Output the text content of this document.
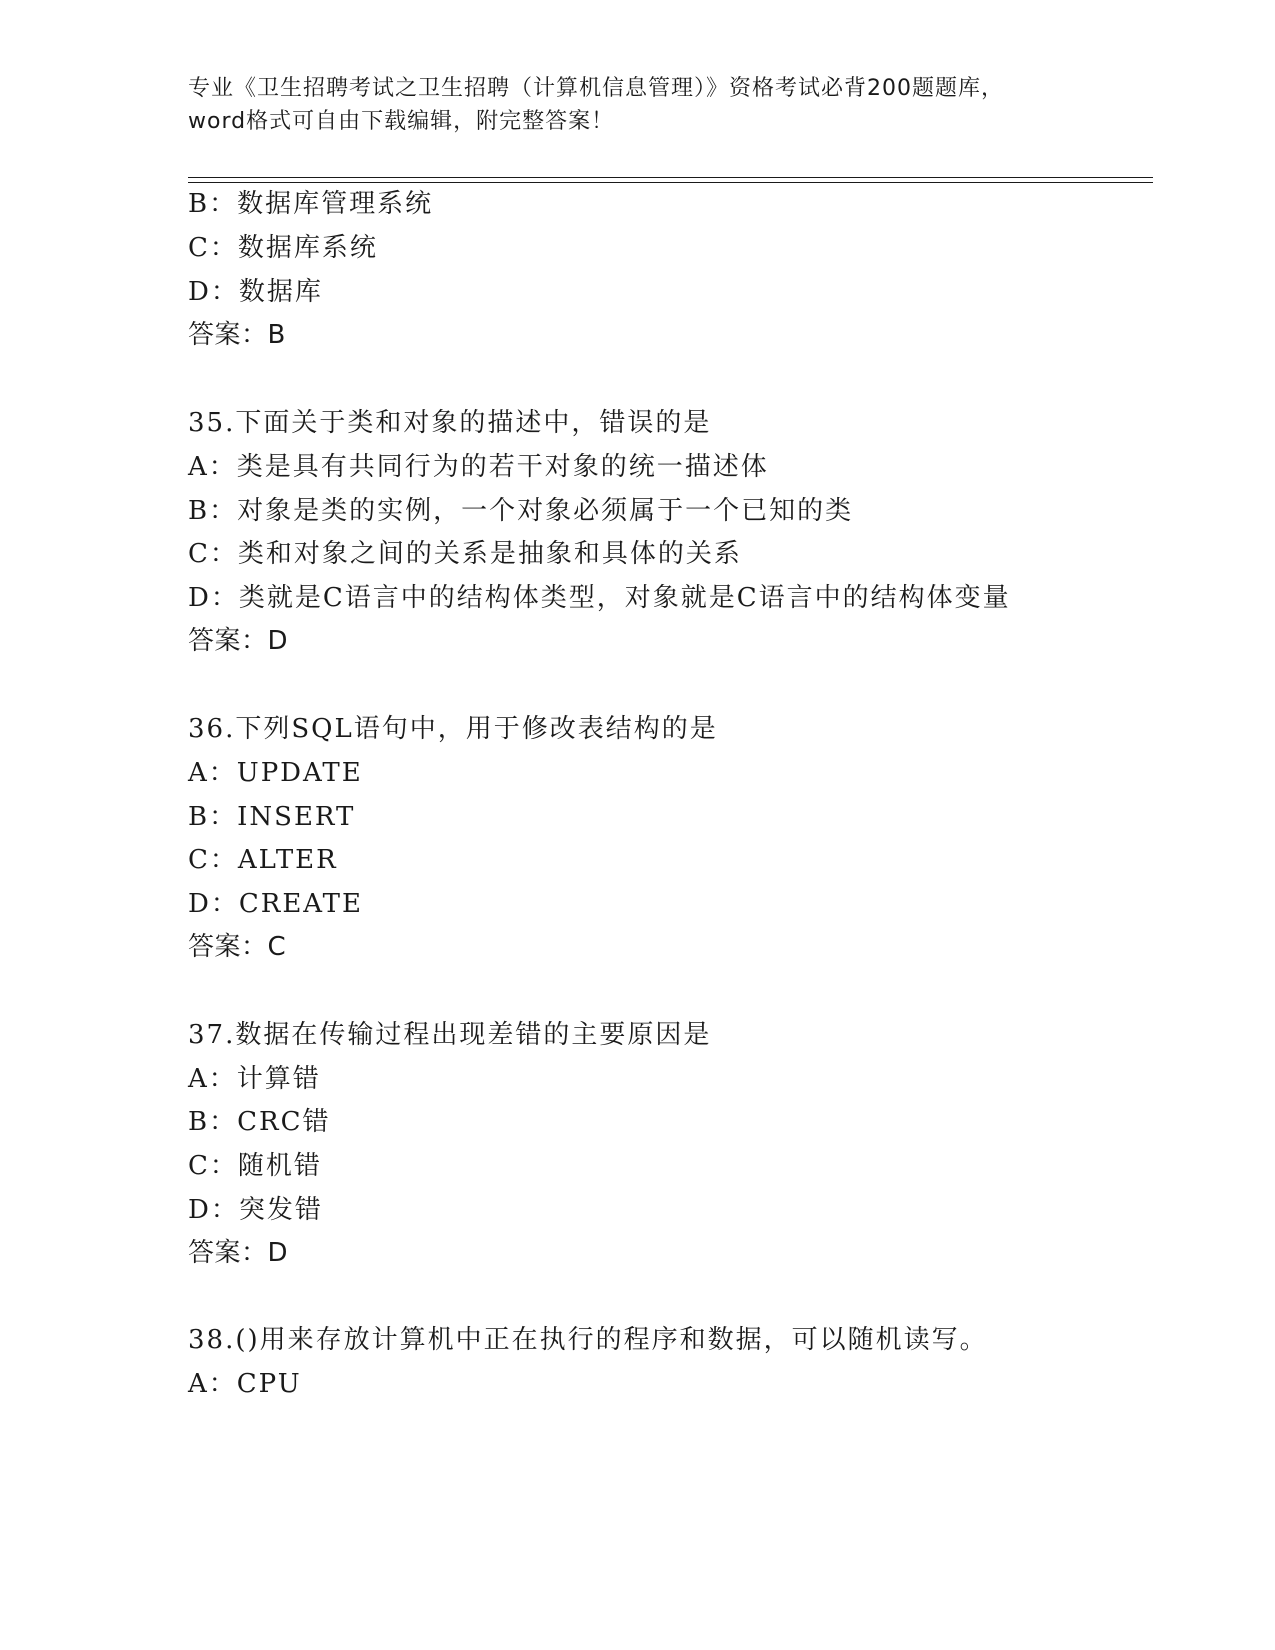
专业《卫生招聘考试之卫生招聘（计算机信息管理）》资格考试必背200题题库，
word格式可自由下载编辑，附完整答案！
B：数据库管理系统
C：数据库系统
D：数据库
答案：B
35.下面关于类和对象的描述中，错误的是
A：类是具有共同行为的若干对象的统一描述体
B：对象是类的实例，一个对象必须属于一个已知的类
C：类和对象之间的关系是抽象和具体的关系
D：类就是C语言中的结构体类型，对象就是C语言中的结构体变量
答案：D
36.下列SQL语句中，用于修改表结构的是
A：UPDATE
B：INSERT
C：ALTER
D：CREATE
答案：C
37.数据在传输过程出现差错的主要原因是
A：计算错
B：CRC错
C：随机错
D：突发错
答案：D
38.()用来存放计算机中正在执行的程序和数据，可以随机读写。
A：CPU
